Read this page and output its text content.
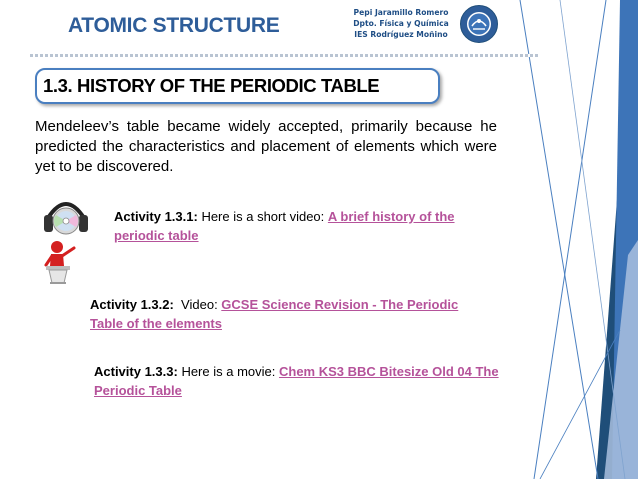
ATOMIC STRUCTURE
Pepi Jaramillo Romero
Dpto. Física y Química
IES Rodríguez Moñino
1.3. HISTORY OF THE PERIODIC TABLE

Mendeleev’s table became widely accepted, primarily because he predicted the characteristics and placement of elements which were yet to be discovered.

Activity 1.3.1: Here is a short video: A brief history of the periodic table
Activity 1.3.2:  Video: GCSE Science Revision - The Periodic Table of the elements
Activity 1.3.3: Here is a movie: Chem KS3 BBC Bitesize Old 04 The Periodic Table
